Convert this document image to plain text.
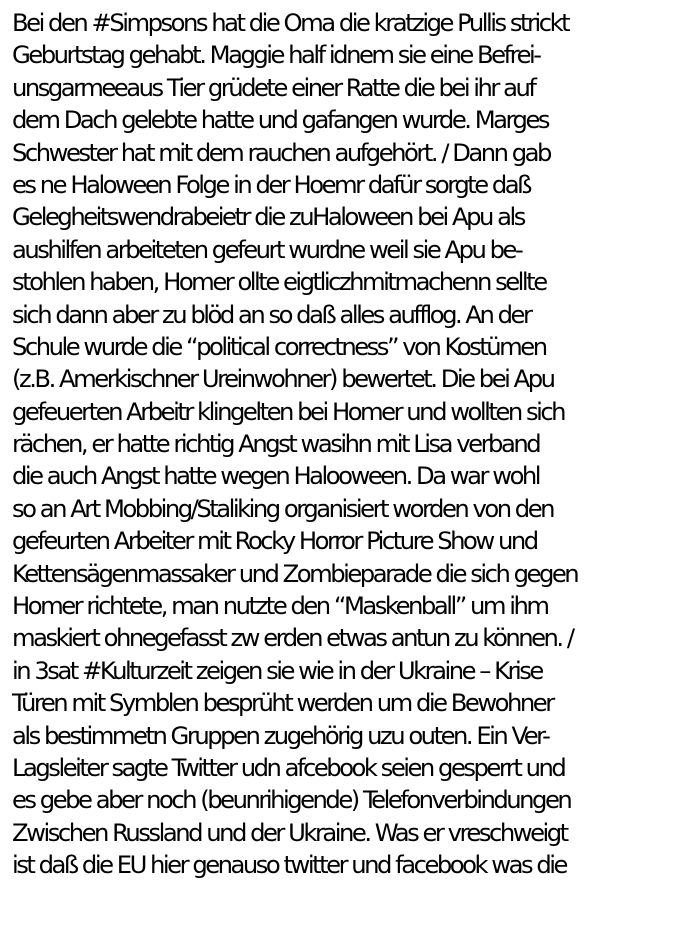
Bei den #Simpsons hat die Oma die kratzige Pullis strickt
Geburtstag gehabt. Maggie half idnem sie eine Befrei-
unsgarmeeaus Tier grüdete einer Ratte die bei ihr auf
dem Dach gelebte hatte und gafangen wurde. Marges
Schwester hat mit dem rauchen aufgehört. / Dann gab
es ne Haloween Folge in der Hoemr dafür sorgte daß
Gelegheitswendrabeietr die zuHaloween bei Apu als
aushilfen arbeiteten gefeurt wurdne weil sie Apu be-
stohlen haben, Homer ollte eigtliczhmitmachenn sellte
sich dann aber zu blöd an so daß alles aufflog. An der
Schule wurde die “political correctness” von Kostümen
(z.B. Amerkischner Ureinwohner) bewertet. Die bei Apu
gefeuerten Arbeitr klingelten bei Homer und wollten sich
rächen, er hatte richtig Angst wasihn mit Lisa verband
die auch Angst hatte wegen Halooween. Da war wohl
so an Art Mobbing/Staliking organisiert worden von den
gefeurten Arbeiter mit Rocky Horror Picture Show und
Kettensägenmassaker und Zombieparade die sich gegen
Homer richtete, man nutzte den “Maskenball” um ihm
maskiert ohnegefasst zw erden etwas antun zu können. /
in 3sat #Kulturzeit zeigen sie wie in der Ukraine – Krise
Türen mit Symblen besprüht werden um die Bewohner
als bestimmetn Gruppen zugehörig uzu outen. Ein Ver-
Lagsleiter sagte Twitter udn afcebook seien gesperrt und
es gebe aber noch (beunrihigende) Telefonverbindungen
Zwischen Russland und der Ukraine. Was er vreschweigt
ist daß die EU hier genauso twitter und facebook was die
